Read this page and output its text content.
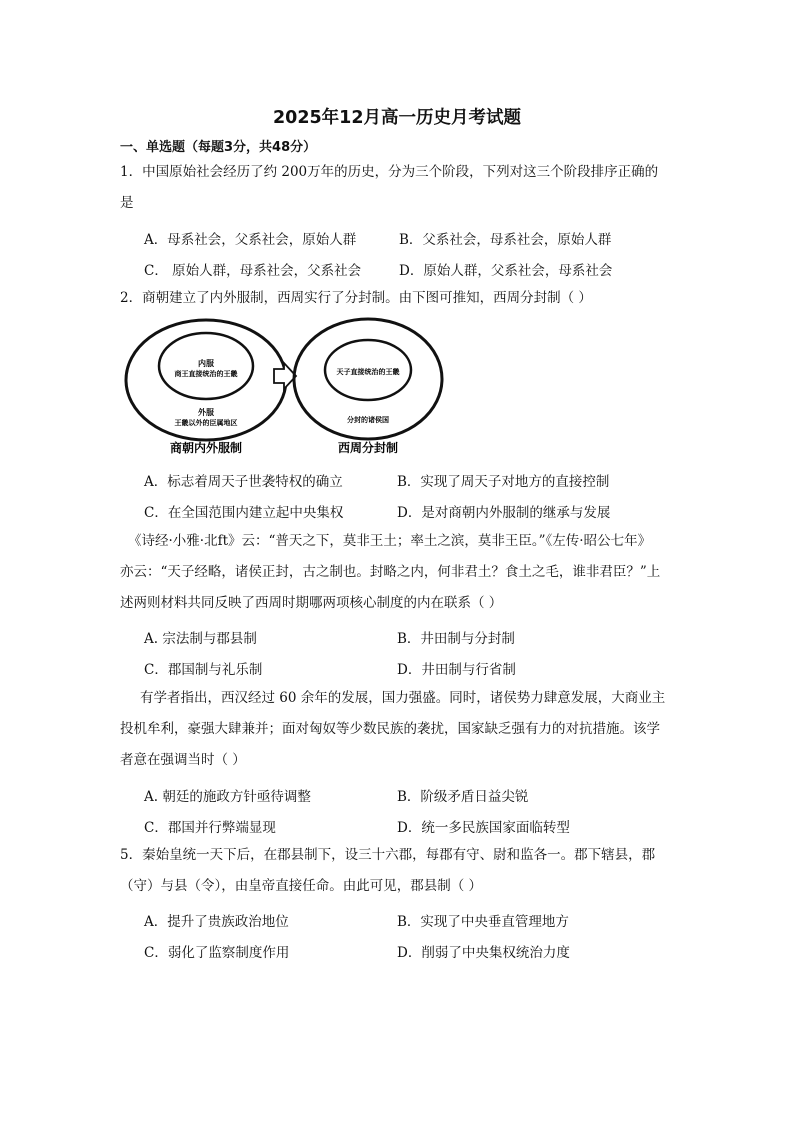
2025年12月高一历史月考试题
一、单选题（每题3分，共48分）
1．中国原始社会经历了约 200万年的历史，分为三个阶段，下列对这三个阶段排序正确的
是
A．母系社会，父系社会，原始人群	B．父系社会，母系社会，原始人群
C． 原始人群，母系社会，父系社会	D．原始人群，父系社会，母系社会
2．商朝建立了内外服制，西周实行了分封制。由下图可推知，西周分封制（ ）
内服
商王直接统治的王畿
外服
王畿以外的臣属地区
商朝内外服制
天子直接统治的王畿
分封的诸侯国
西周分封制
A．标志着周天子世袭特权的确立	B．实现了周天子对地方的直接控制
C．在全国范围内建立起中央集权	D．是对商朝内外服制的继承与发展
《诗经·小雅·北ft》云：“普天之下，莫非王土；率土之滨，莫非王臣。”《左传·昭公七年》
亦云：“天子经略，诸侯正封，古之制也。封略之内，何非君土？食土之毛，谁非君臣？”上
述两则材料共同反映了西周时期哪两项核心制度的内在联系（ ）
A. 宗法制与郡县制	B．井田制与分封制
C．郡国制与礼乐制	D．井田制与行省制
有学者指出，西汉经过 60 余年的发展，国力强盛。同时，诸侯势力肆意发展，大商业主
投机牟利，豪强大肆兼并；面对匈奴等少数民族的袭扰，国家缺乏强有力的对抗措施。该学
者意在强调当时（ ）
A. 朝廷的施政方针亟待调整	B．阶级矛盾日益尖锐
C．郡国并行弊端显现	D．统一多民族国家面临转型
5．秦始皇统一天下后，在郡县制下，设三十六郡，每郡有守、尉和监各一。郡下辖县，郡
（守）与县（令），由皇帝直接任命。由此可见，郡县制（ ）
A．提升了贵族政治地位	B．实现了中央垂直管理地方
C．弱化了监察制度作用	D．削弱了中央集权统治力度
